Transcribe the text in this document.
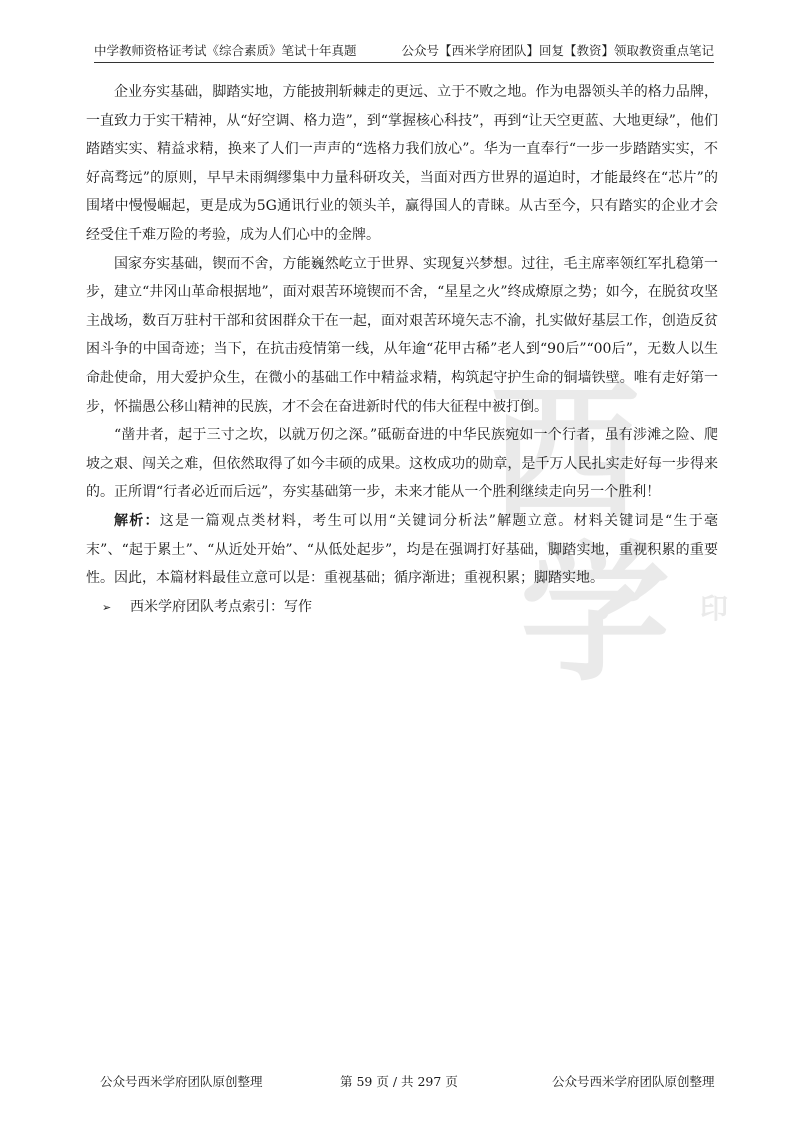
中学教师资格证考试《综合素质》笔试十年真题	公众号【西米学府团队】回复【教资】领取教资重点笔记
西
学 印

企业夯实基础，脚踏实地，方能披荆斩棘走的更远、立于不败之地。作为电器领头羊的格力品牌，一直致力于实干精神，从“好空调、格力造”，到“掌握核心科技”，再到“让天空更蓝、大地更绿”，他们踏踏实实、精益求精，换来了人们一声声的“选格力我们放心”。华为一直奉行“一步一步踏踏实实，不好高骛远”的原则，早早未雨绸缪集中力量科研攻关，当面对西方世界的逼迫时，才能最终在“芯片”的围堵中慢慢崛起，更是成为5G通讯行业的领头羊，赢得国人的青睐。从古至今，只有踏实的企业才会经受住千难万险的考验，成为人们心中的金牌。

国家夯实基础，锲而不舍，方能巍然屹立于世界、实现复兴梦想。过往，毛主席率领红军扎稳第一步，建立“井冈山革命根据地”，面对艰苦环境锲而不舍，“星星之火”终成燎原之势；如今，在脱贫攻坚主战场，数百万驻村干部和贫困群众干在一起，面对艰苦环境矢志不渝，扎实做好基层工作，创造反贫困斗争的中国奇迹；当下，在抗击疫情第一线，从年逾“花甲古稀”老人到“90后”“00后”，无数人以生命赴使命，用大爱护众生，在微小的基础工作中精益求精，构筑起守护生命的铜墙铁壁。唯有走好第一步，怀揣愚公移山精神的民族，才不会在奋进新时代的伟大征程中被打倒。

“凿井者，起于三寸之坎，以就万仞之深。”砥砺奋进的中华民族宛如一个行者，虽有涉滩之险、爬坡之艰、闯关之难，但依然取得了如今丰硕的成果。这枚成功的勋章，是千万人民扎实走好每一步得来的。正所谓“行者必近而后远”，夯实基础第一步，未来才能从一个胜利继续走向另一个胜利！

解析：这是一篇观点类材料，考生可以用“关键词分析法”解题立意。材料关键词是“生于毫末”、“起于累土”、“从近处开始”、“从低处起步”，均是在强调打好基础，脚踏实地，重视积累的重要性。因此，本篇材料最佳立意可以是：重视基础；循序渐进；重视积累；脚踏实地。

➢ 西米学府团队考点索引：写作

公众号西米学府团队原创整理	第 59 页 / 共 297 页	公众号西米学府团队原创整理
